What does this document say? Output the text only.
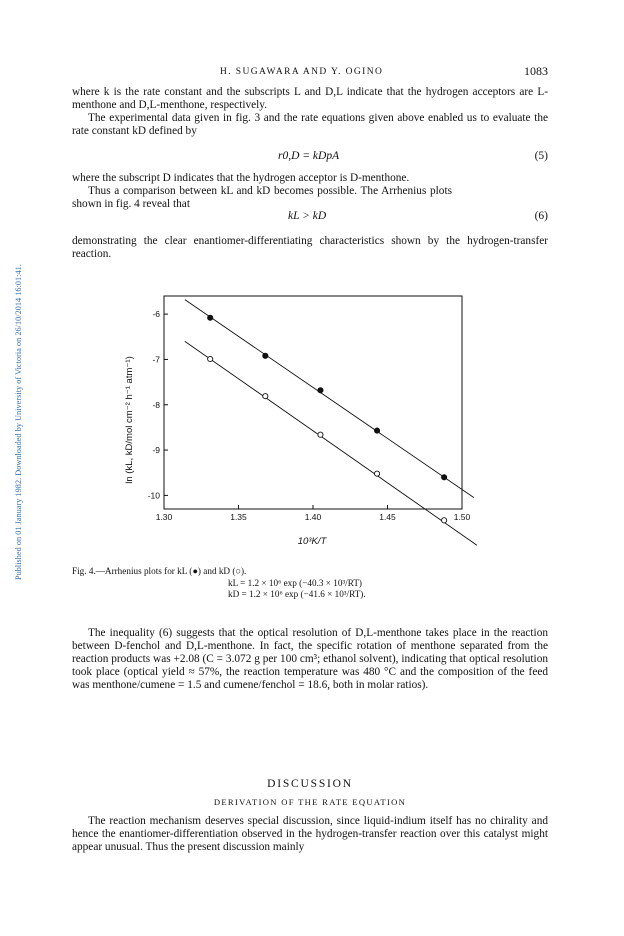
Published on 01 January 1982. Downloaded by University of Victoria on 26/10/2014 16:01:41.
H. SUGAWARA AND Y. OGINO	1083

where k is the rate constant and the subscripts L and D,L indicate that the hydrogen acceptors are L-menthone and D,L-menthone, respectively.

The experimental data given in fig. 3 and the rate equations given above enabled us to evaluate the rate constant kD defined by

r0,D = kDpA	(5)

where the subscript D indicates that the hydrogen acceptor is D-menthone.

Thus a comparison between kL and kD becomes possible. The Arrhenius plots shown in fig. 4 reveal that

kL > kD	(6)

demonstrating the clear enantiomer-differentiating characteristics shown by the hydrogen-transfer reaction.

1.30	1.35	1.40	1.45	1.50
-6
-7
-8
-9
-10
ln (kL, kD/mol cm⁻² h⁻¹ atm⁻¹)
10³K/T
Fig. 4.—Arrhenius plots for kL (●) and kD (○).
kL = 1.2 × 10⁶ exp (−40.3 × 10³/RT)
kD = 1.2 × 10⁶ exp (−41.6 × 10³/RT).

The inequality (6) suggests that the optical resolution of D,L-menthone takes place in the reaction between D-fenchol and D,L-menthone. In fact, the specific rotation of menthone separated from the reaction products was +2.08 (C = 3.072 g per 100 cm³; ethanol solvent), indicating that optical resolution took place (optical yield ≈ 57%, the reaction temperature was 480 °C and the composition of the feed was menthone/cumene = 1.5 and cumene/fenchol = 18.6, both in molar ratios).

DISCUSSION
DERIVATION OF THE RATE EQUATION

The reaction mechanism deserves special discussion, since liquid-indium itself has no chirality and hence the enantiomer-differentiation observed in the hydrogen-transfer reaction over this catalyst might appear unusual. Thus the present discussion mainly
